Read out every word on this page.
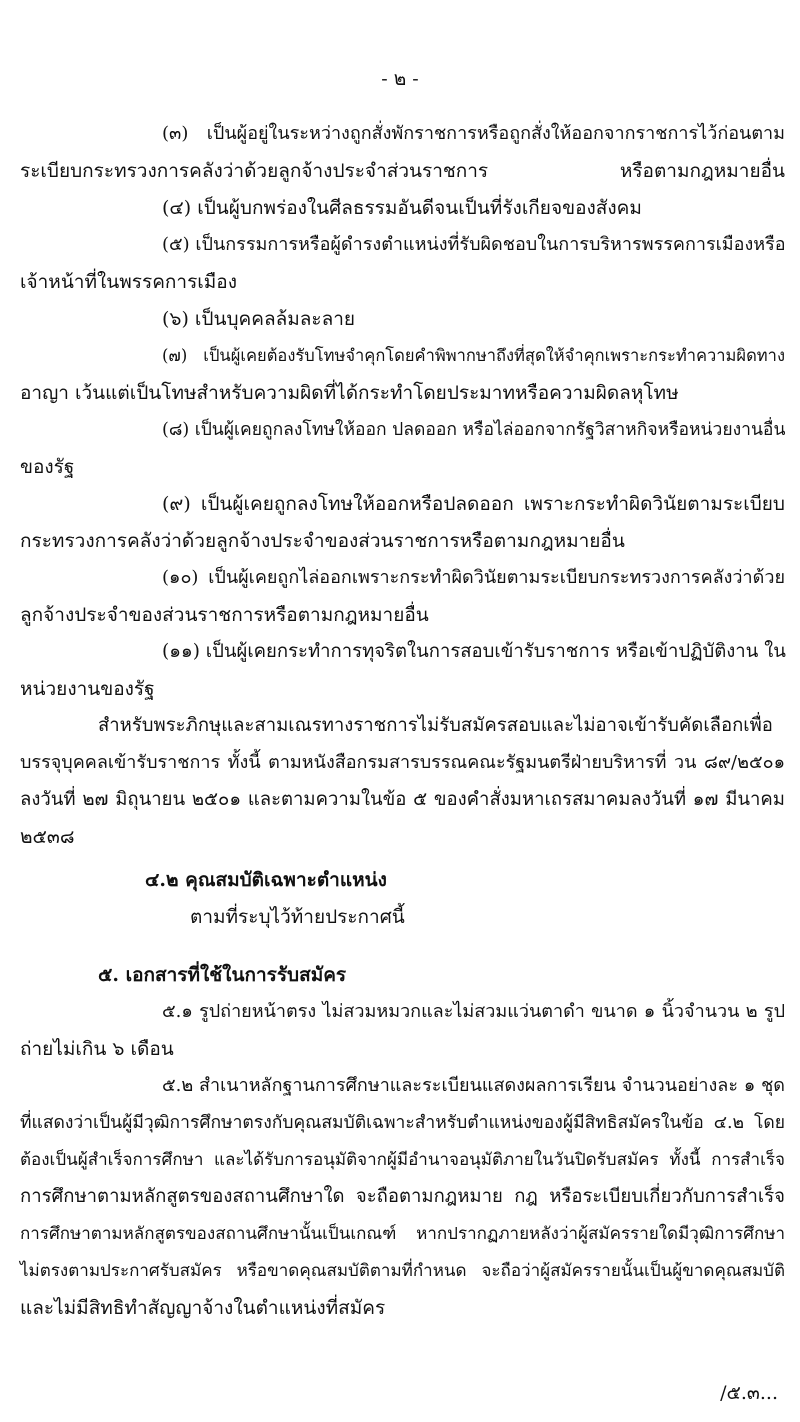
- ๒ -
(๓) เป็นผู้อยู่ในระหว่างถูกสั่งพักราชการหรือถูกสั่งให้ออกจากราชการไว้ก่อนตาม
ระเบียบกระทรวงการคลังว่าด้วยลูกจ้างประจำส่วนราชการ หรือตามกฎหมายอื่น
(๔) เป็นผู้บกพร่องในศีลธรรมอันดีจนเป็นที่รังเกียจของสังคม
(๕) เป็นกรรมการหรือผู้ดำรงตำแหน่งที่รับผิดชอบในการบริหารพรรคการเมืองหรือ
เจ้าหน้าที่ในพรรคการเมือง
(๖) เป็นบุคคลล้มละลาย
(๗) เป็นผู้เคยต้องรับโทษจำคุกโดยคำพิพากษาถึงที่สุดให้จำคุกเพราะกระทำความผิดทาง
อาญา เว้นแต่เป็นโทษสำหรับความผิดที่ได้กระทำโดยประมาทหรือความผิดลหุโทษ
(๘) เป็นผู้เคยถูกลงโทษให้ออก ปลดออก หรือไล่ออกจากรัฐวิสาหกิจหรือหน่วยงานอื่น
ของรัฐ
(๙) เป็นผู้เคยถูกลงโทษให้ออกหรือปลดออก เพราะกระทำผิดวินัยตามระเบียบ
กระทรวงการคลังว่าด้วยลูกจ้างประจำของส่วนราชการหรือตามกฎหมายอื่น
(๑๐) เป็นผู้เคยถูกไล่ออกเพราะกระทำผิดวินัยตามระเบียบกระทรวงการคลังว่าด้วย
ลูกจ้างประจำของส่วนราชการหรือตามกฎหมายอื่น
(๑๑) เป็นผู้เคยกระทำการทุจริตในการสอบเข้ารับราชการ หรือเข้าปฏิบัติงาน ใน
หน่วยงานของรัฐ
สำหรับพระภิกษุและสามเณรทางราชการไม่รับสมัครสอบและไม่อาจเข้ารับคัดเลือกเพื่อ
บรรจุบุคคลเข้ารับราชการ ทั้งนี้ ตามหนังสือกรมสารบรรณคณะรัฐมนตรีฝ่ายบริหารที่ วน ๘๙/๒๕๐๑
ลงวันที่ ๒๗ มิถุนายน ๒๕๐๑ และตามความในข้อ ๕ ของคำสั่งมหาเถรสมาคมลงวันที่ ๑๗ มีนาคม
๒๕๓๘
๔.๒ คุณสมบัติเฉพาะตำแหน่ง
ตามที่ระบุไว้ท้ายประกาศนี้
๕. เอกสารที่ใช้ในการรับสมัคร
๕.๑ รูปถ่ายหน้าตรง ไม่สวมหมวกและไม่สวมแว่นตาดำ ขนาด ๑ นิ้วจำนวน ๒ รูป
ถ่ายไม่เกิน ๖ เดือน
๕.๒ สำเนาหลักฐานการศึกษาและระเบียนแสดงผลการเรียน จำนวนอย่างละ ๑ ชุด
ที่แสดงว่าเป็นผู้มีวุฒิการศึกษาตรงกับคุณสมบัติเฉพาะสำหรับตำแหน่งของผู้มีสิทธิสมัครในข้อ ๔.๒ โดย
ต้องเป็นผู้สำเร็จการศึกษา และได้รับการอนุมัติจากผู้มีอำนาจอนุมัติภายในวันปิดรับสมัคร ทั้งนี้ การสำเร็จ
การศึกษาตามหลักสูตรของสถานศึกษาใด จะถือตามกฎหมาย กฎ หรือระเบียบเกี่ยวกับการสำเร็จ
การศึกษาตามหลักสูตรของสถานศึกษานั้นเป็นเกณฑ์ หากปรากฏภายหลังว่าผู้สมัครรายใดมีวุฒิการศึกษา
ไม่ตรงตามประกาศรับสมัคร หรือขาดคุณสมบัติตามที่กำหนด จะถือว่าผู้สมัครรายนั้นเป็นผู้ขาดคุณสมบัติ
และไม่มีสิทธิทำสัญญาจ้างในตำแหน่งที่สมัคร
/๕.๓...
